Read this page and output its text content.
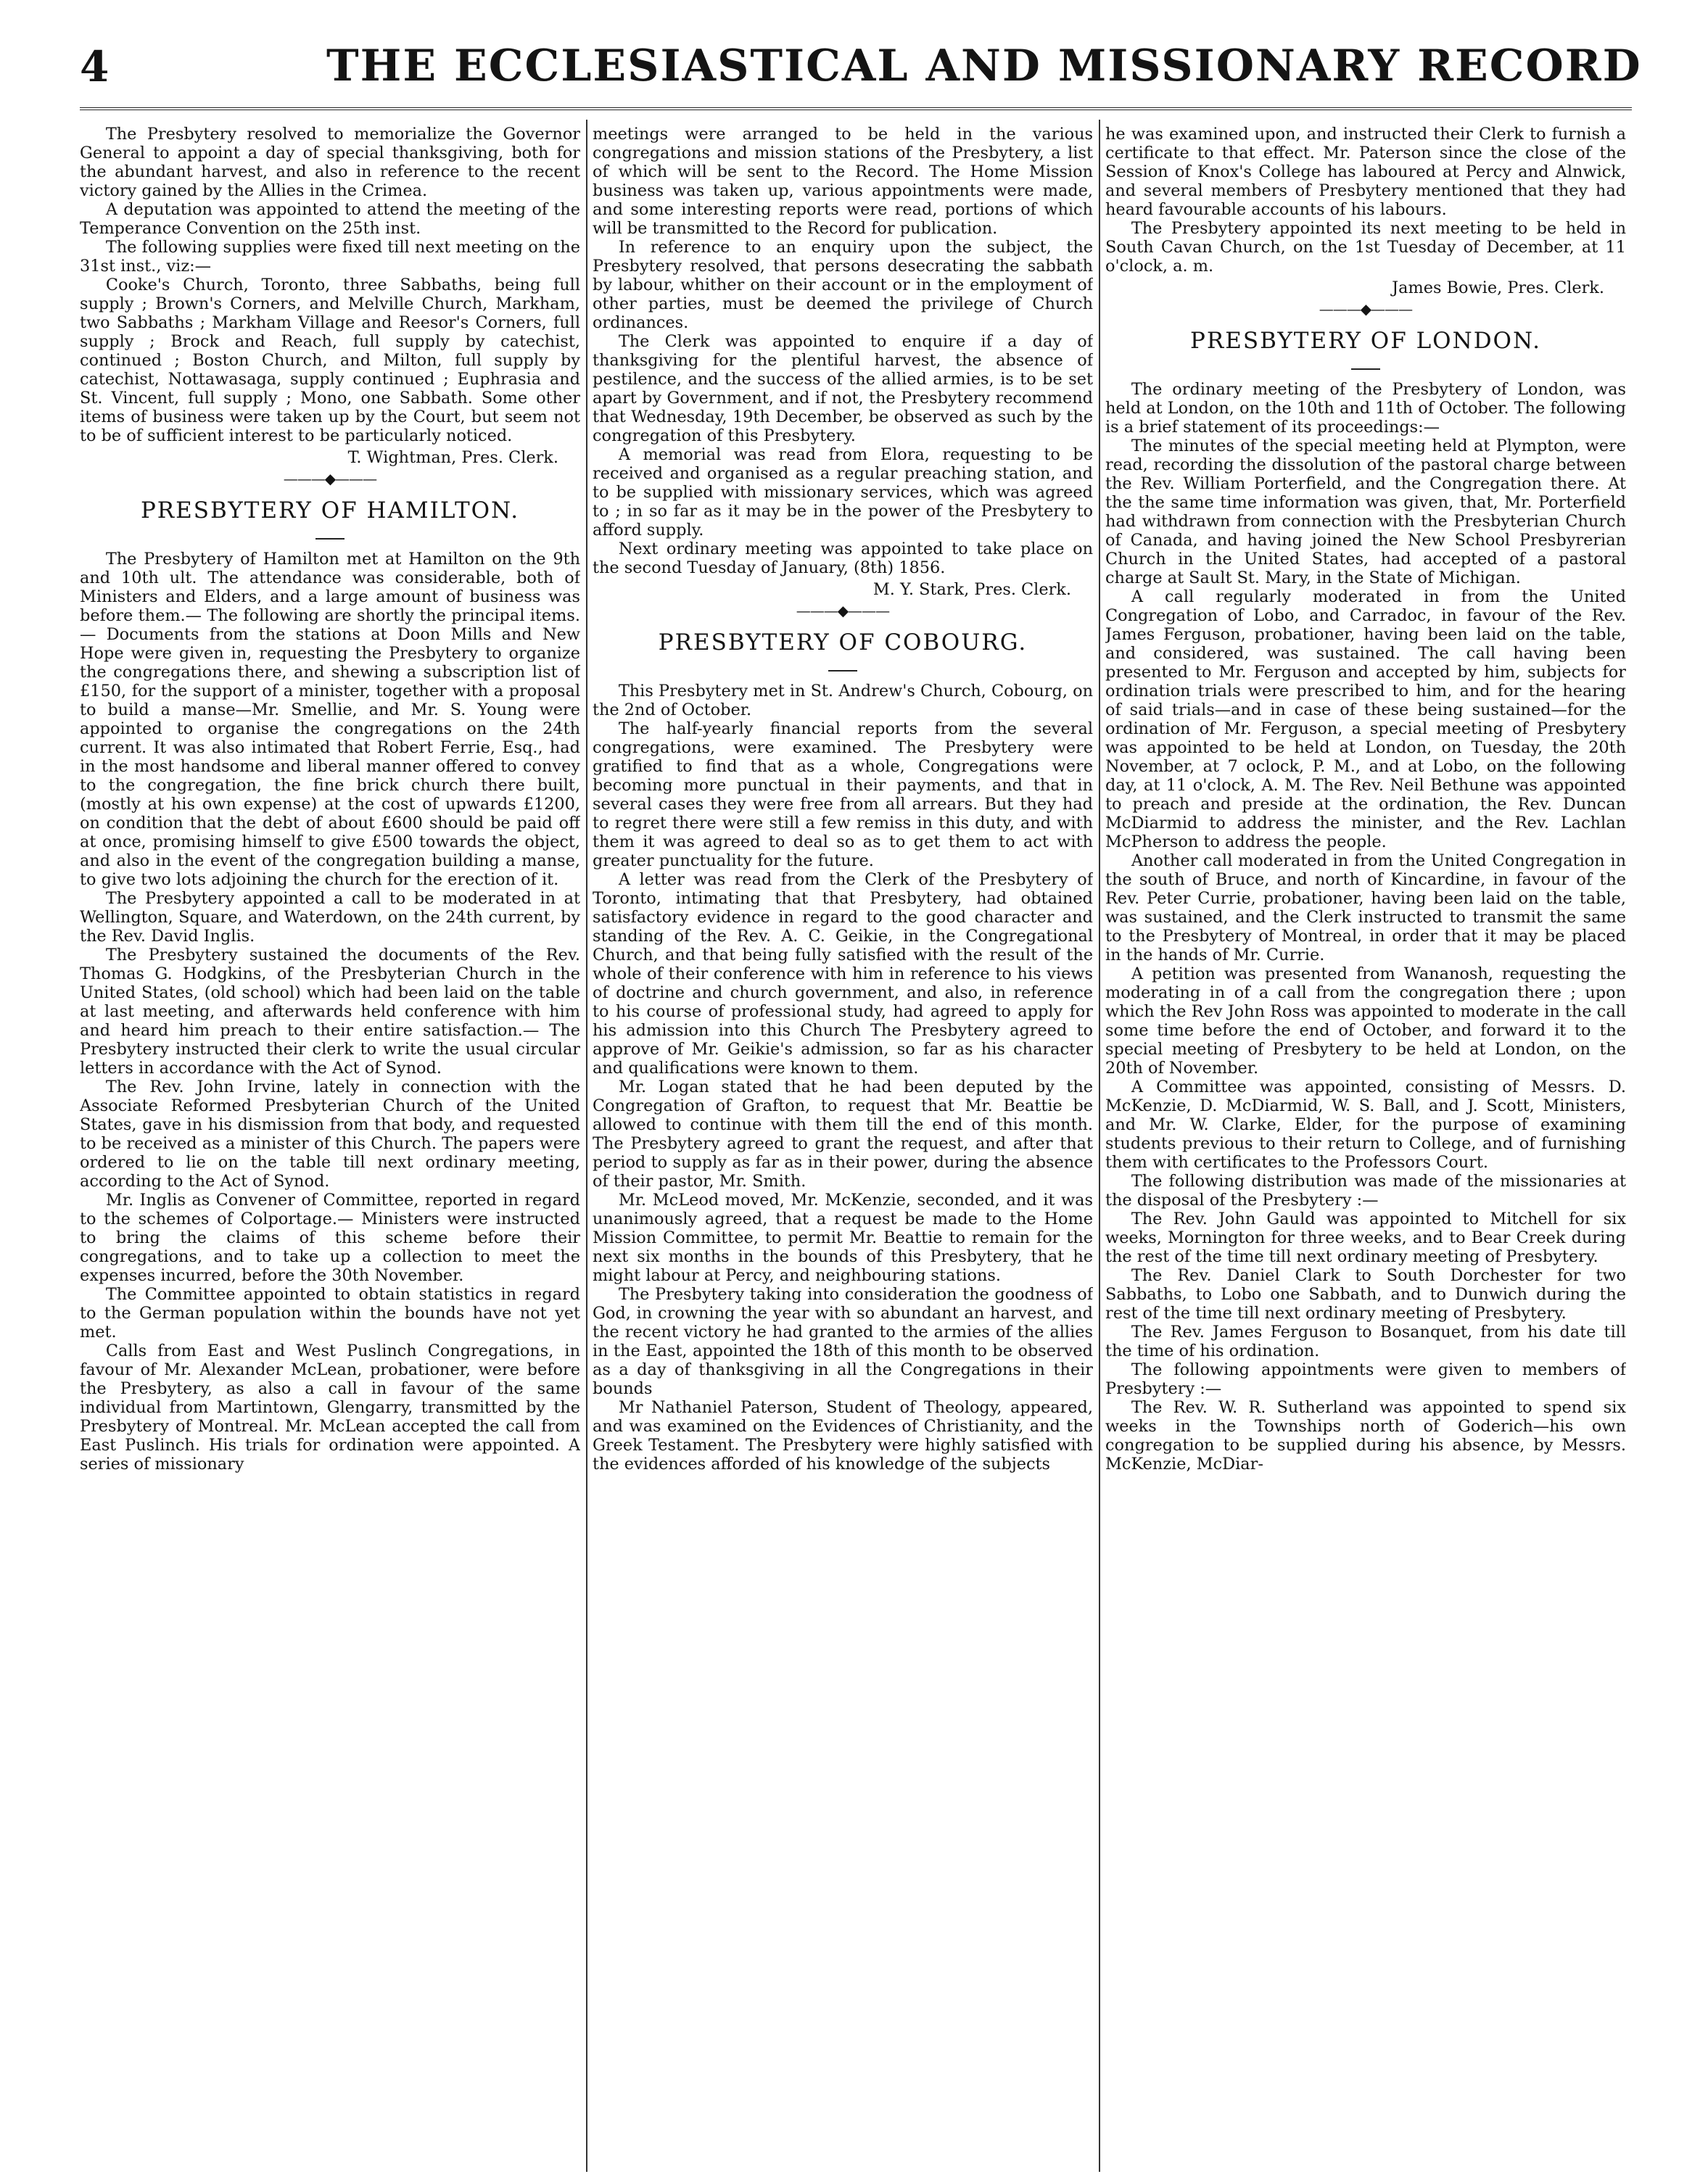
4	THE ECCLESIASTICAL AND MISSIONARY RECORD

The Presbytery resolved to memorialize the Governor General to appoint a day of special thanksgiving, both for the abundant harvest, and also in reference to the recent victory gained by the Allies in the Crimea.

A deputation was appointed to attend the meeting of the Temperance Convention on the 25th inst.

The following supplies were fixed till next meeting on the 31st inst., viz:—

Cooke's Church, Toronto, three Sabbaths, being full supply ; Brown's Corners, and Melville Church, Markham, two Sabbaths ; Markham Village and Reesor's Corners, full supply ; Brock and Reach, full supply by catechist, continued ; Boston Church, and Milton, full supply by catechist, Nottawasaga, supply continued ; Euphrasia and St. Vincent, full supply ; Mono, one Sabbath. Some other items of business were taken up by the Court, but seem not to be of sufficient interest to be particularly noticed.

T. Wightman, Pres. Clerk.
———◆———
PRESBYTERY OF HAMILTON.

The Presbytery of Hamilton met at Hamilton on the 9th and 10th ult. The attendance was considerable, both of Ministers and Elders, and a large amount of business was before them.— The following are shortly the principal items.— Documents from the stations at Doon Mills and New Hope were given in, requesting the Presbytery to organize the congregations there, and shewing a subscription list of £150, for the support of a minister, together with a proposal to build a manse—Mr. Smellie, and Mr. S. Young were appointed to organise the congregations on the 24th current. It was also intimated that Robert Ferrie, Esq., had in the most handsome and liberal manner offered to convey to the congregation, the fine brick church there built, (mostly at his own expense) at the cost of upwards £1200, on condition that the debt of about £600 should be paid off at once, promising himself to give £500 towards the object, and also in the event of the congregation building a manse, to give two lots adjoining the church for the erection of it.

The Presbytery appointed a call to be moderated in at Wellington, Square, and Waterdown, on the 24th current, by the Rev. David Inglis.

The Presbytery sustained the documents of the Rev. Thomas G. Hodgkins, of the Presbyterian Church in the United States, (old school) which had been laid on the table at last meeting, and afterwards held conference with him and heard him preach to their entire satisfaction.— The Presbytery instructed their clerk to write the usual circular letters in accordance with the Act of Synod.

The Rev. John Irvine, lately in connection with the Associate Reformed Presbyterian Church of the United States, gave in his dismission from that body, and requested to be received as a minister of this Church. The papers were ordered to lie on the table till next ordinary meeting, according to the Act of Synod.

Mr. Inglis as Convener of Committee, reported in regard to the schemes of Colportage.— Ministers were instructed to bring the claims of this scheme before their congregations, and to take up a collection to meet the expenses incurred, before the 30th November.

The Committee appointed to obtain statistics in regard to the German population within the bounds have not yet met.

Calls from East and West Puslinch Congregations, in favour of Mr. Alexander McLean, probationer, were before the Presbytery, as also a call in favour of the same individual from Martintown, Glengarry, transmitted by the Presbytery of Montreal. Mr. McLean accepted the call from East Puslinch. His trials for ordination were appointed. A series of missionary

meetings were arranged to be held in the various congregations and mission stations of the Presbytery, a list of which will be sent to the Record. The Home Mission business was taken up, various appointments were made, and some interesting reports were read, portions of which will be transmitted to the Record for publication.

In reference to an enquiry upon the subject, the Presbytery resolved, that persons desecrating the sabbath by labour, whither on their account or in the employment of other parties, must be deemed the privilege of Church ordinances.

The Clerk was appointed to enquire if a day of thanksgiving for the plentiful harvest, the absence of pestilence, and the success of the allied armies, is to be set apart by Government, and if not, the Presbytery recommend that Wednesday, 19th December, be observed as such by the congregation of this Presbytery.

A memorial was read from Elora, requesting to be received and organised as a regular preaching station, and to be supplied with missionary services, which was agreed to ; in so far as it may be in the power of the Presbytery to afford supply.

Next ordinary meeting was appointed to take place on the second Tuesday of January, (8th) 1856.

M. Y. Stark, Pres. Clerk.
———◆———
PRESBYTERY OF COBOURG.

This Presbytery met in St. Andrew's Church, Cobourg, on the 2nd of October.

The half-yearly financial reports from the several congregations, were examined. The Presbytery were gratified to find that as a whole, Congregations were becoming more punctual in their payments, and that in several cases they were free from all arrears. But they had to regret there were still a few remiss in this duty, and with them it was agreed to deal so as to get them to act with greater punctuality for the future.

A letter was read from the Clerk of the Presbytery of Toronto, intimating that that Presbytery, had obtained satisfactory evidence in regard to the good character and standing of the Rev. A. C. Geikie, in the Congregational Church, and that being fully satisfied with the result of the whole of their conference with him in reference to his views of doctrine and church government, and also, in reference to his course of professional study, had agreed to apply for his admission into this Church The Presbytery agreed to approve of Mr. Geikie's admission, so far as his character and qualifications were known to them.

Mr. Logan stated that he had been deputed by the Congregation of Grafton, to request that Mr. Beattie be allowed to continue with them till the end of this month. The Presbytery agreed to grant the request, and after that period to supply as far as in their power, during the absence of their pastor, Mr. Smith.

Mr. McLeod moved, Mr. McKenzie, seconded, and it was unanimously agreed, that a request be made to the Home Mission Committee, to permit Mr. Beattie to remain for the next six months in the bounds of this Presbytery, that he might labour at Percy, and neighbouring stations.

The Presbytery taking into consideration the goodness of God, in crowning the year with so abundant an harvest, and the recent victory he had granted to the armies of the allies in the East, appointed the 18th of this month to be observed as a day of thanksgiving in all the Congregations in their bounds

Mr Nathaniel Paterson, Student of Theology, appeared, and was examined on the Evidences of Christianity, and the Greek Testament. The Presbytery were highly satisfied with the evidences afforded of his knowledge of the subjects

he was examined upon, and instructed their Clerk to furnish a certificate to that effect. Mr. Paterson since the close of the Session of Knox's College has laboured at Percy and Alnwick, and several members of Presbytery mentioned that they had heard favourable accounts of his labours.

The Presbytery appointed its next meeting to be held in South Cavan Church, on the 1st Tuesday of December, at 11 o'clock, a. m.

James Bowie, Pres. Clerk.
———◆———
PRESBYTERY OF LONDON.

The ordinary meeting of the Presbytery of London, was held at London, on the 10th and 11th of October. The following is a brief statement of its proceedings:—

The minutes of the special meeting held at Plympton, were read, recording the dissolution of the pastoral charge between the Rev. William Porterfield, and the Congregation there. At the the same time information was given, that, Mr. Porterfield had withdrawn from connection with the Presbyterian Church of Canada, and having joined the New School Presbyrerian Church in the United States, had accepted of a pastoral charge at Sault St. Mary, in the State of Michigan.

A call regularly moderated in from the United Congregation of Lobo, and Carradoc, in favour of the Rev. James Ferguson, probationer, having been laid on the table, and considered, was sustained. The call having been presented to Mr. Ferguson and accepted by him, subjects for ordination trials were prescribed to him, and for the hearing of said trials—and in case of these being sustained—for the ordination of Mr. Ferguson, a special meeting of Presbytery was appointed to be held at London, on Tuesday, the 20th November, at 7 oclock, P. M., and at Lobo, on the following day, at 11 o'clock, A. M. The Rev. Neil Bethune was appointed to preach and preside at the ordination, the Rev. Duncan McDiarmid to address the minister, and the Rev. Lachlan McPherson to address the people.

Another call moderated in from the United Congregation in the south of Bruce, and north of Kincardine, in favour of the Rev. Peter Currie, probationer, having been laid on the table, was sustained, and the Clerk instructed to transmit the same to the Presbytery of Montreal, in order that it may be placed in the hands of Mr. Currie.

A petition was presented from Wananosh, requesting the moderating in of a call from the congregation there ; upon which the Rev John Ross was appointed to moderate in the call some time before the end of October, and forward it to the special meeting of Presbytery to be held at London, on the 20th of November.

A Committee was appointed, consisting of Messrs. D. McKenzie, D. McDiarmid, W. S. Ball, and J. Scott, Ministers, and Mr. W. Clarke, Elder, for the purpose of examining students previous to their return to College, and of furnishing them with certificates to the Professors Court.

The following distribution was made of the missionaries at the disposal of the Presbytery :—

The Rev. John Gauld was appointed to Mitchell for six weeks, Mornington for three weeks, and to Bear Creek during the rest of the time till next ordinary meeting of Presbytery.

The Rev. Daniel Clark to South Dorchester for two Sabbaths, to Lobo one Sabbath, and to Dunwich during the rest of the time till next ordinary meeting of Presbytery.

The Rev. James Ferguson to Bosanquet, from his date till the time of his ordination.

The following appointments were given to members of Presbytery :—

The Rev. W. R. Sutherland was appointed to spend six weeks in the Townships north of Goderich—his own congregation to be supplied during his absence, by Messrs. McKenzie, McDiar-
